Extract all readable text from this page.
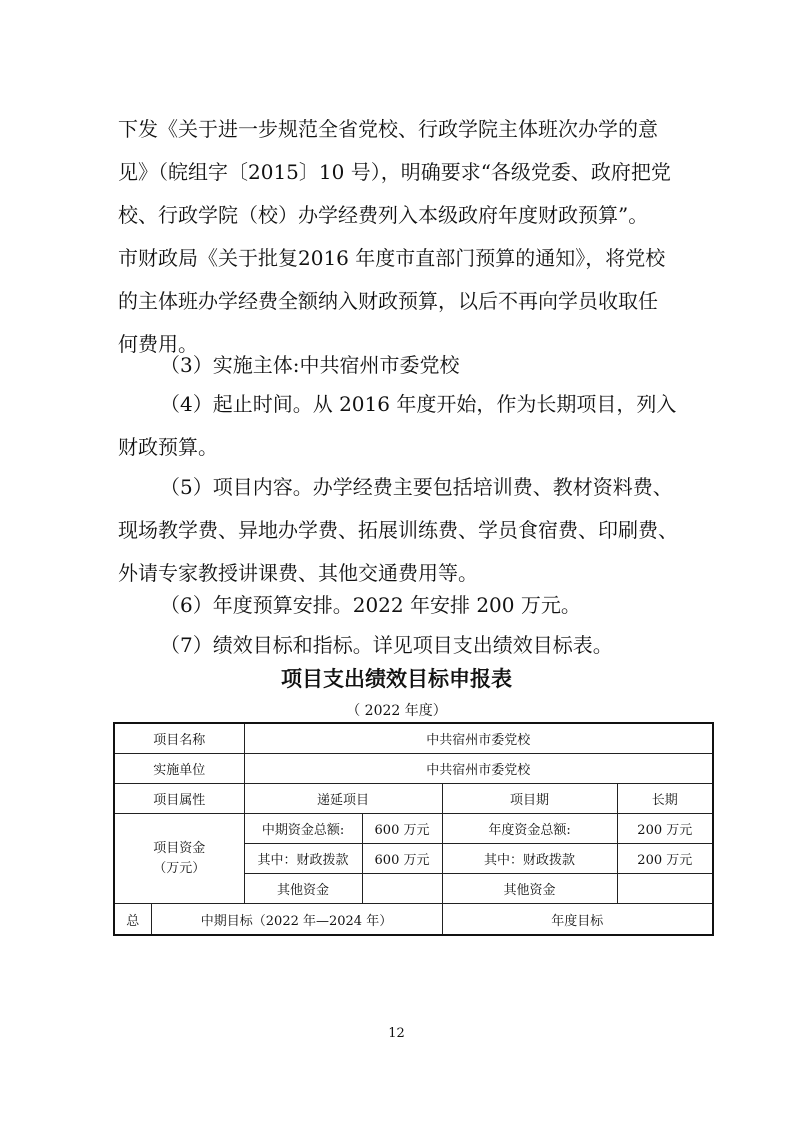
下发《关于进一步规范全省党校、行政学院主体班次办学的意
见》（皖组字〔2015〕10 号），明确要求“各级党委、政府把党
校、行政学院（校）办学经费列入本级政府年度财政预算”。
市财政局《关于批复2016 年度市直部门预算的通知》，将党校
的主体班办学经费全额纳入财政预算，以后不再向学员收取任
何费用。
（3）实施主体:中共宿州市委党校
（4）起止时间。从 2016 年度开始，作为长期项目，列入
财政预算。
（5）项目内容。办学经费主要包括培训费、教材资料费、
现场教学费、异地办学费、拓展训练费、学员食宿费、印刷费、
外请专家教授讲课费、其他交通费用等。
（6）年度预算安排。2022 年安排 200 万元。
（7）绩效目标和指标。详见项目支出绩效目标表。
项目支出绩效目标申报表
（ 2022 年度）
项目名称		中共宿州市委党校			
实施单位		中共宿州市委党校			
项目属性		递延项目		项目期	长期

项目资金
（万元）		中期资金总额:	600 万元	年度资金总额:	200 万元
		其中：财政拨款	600 万元	其中：财政拨款	200 万元
		其他资金		其他资金	
总	中期目标（2022 年—2024 年）			年度目标	
12
